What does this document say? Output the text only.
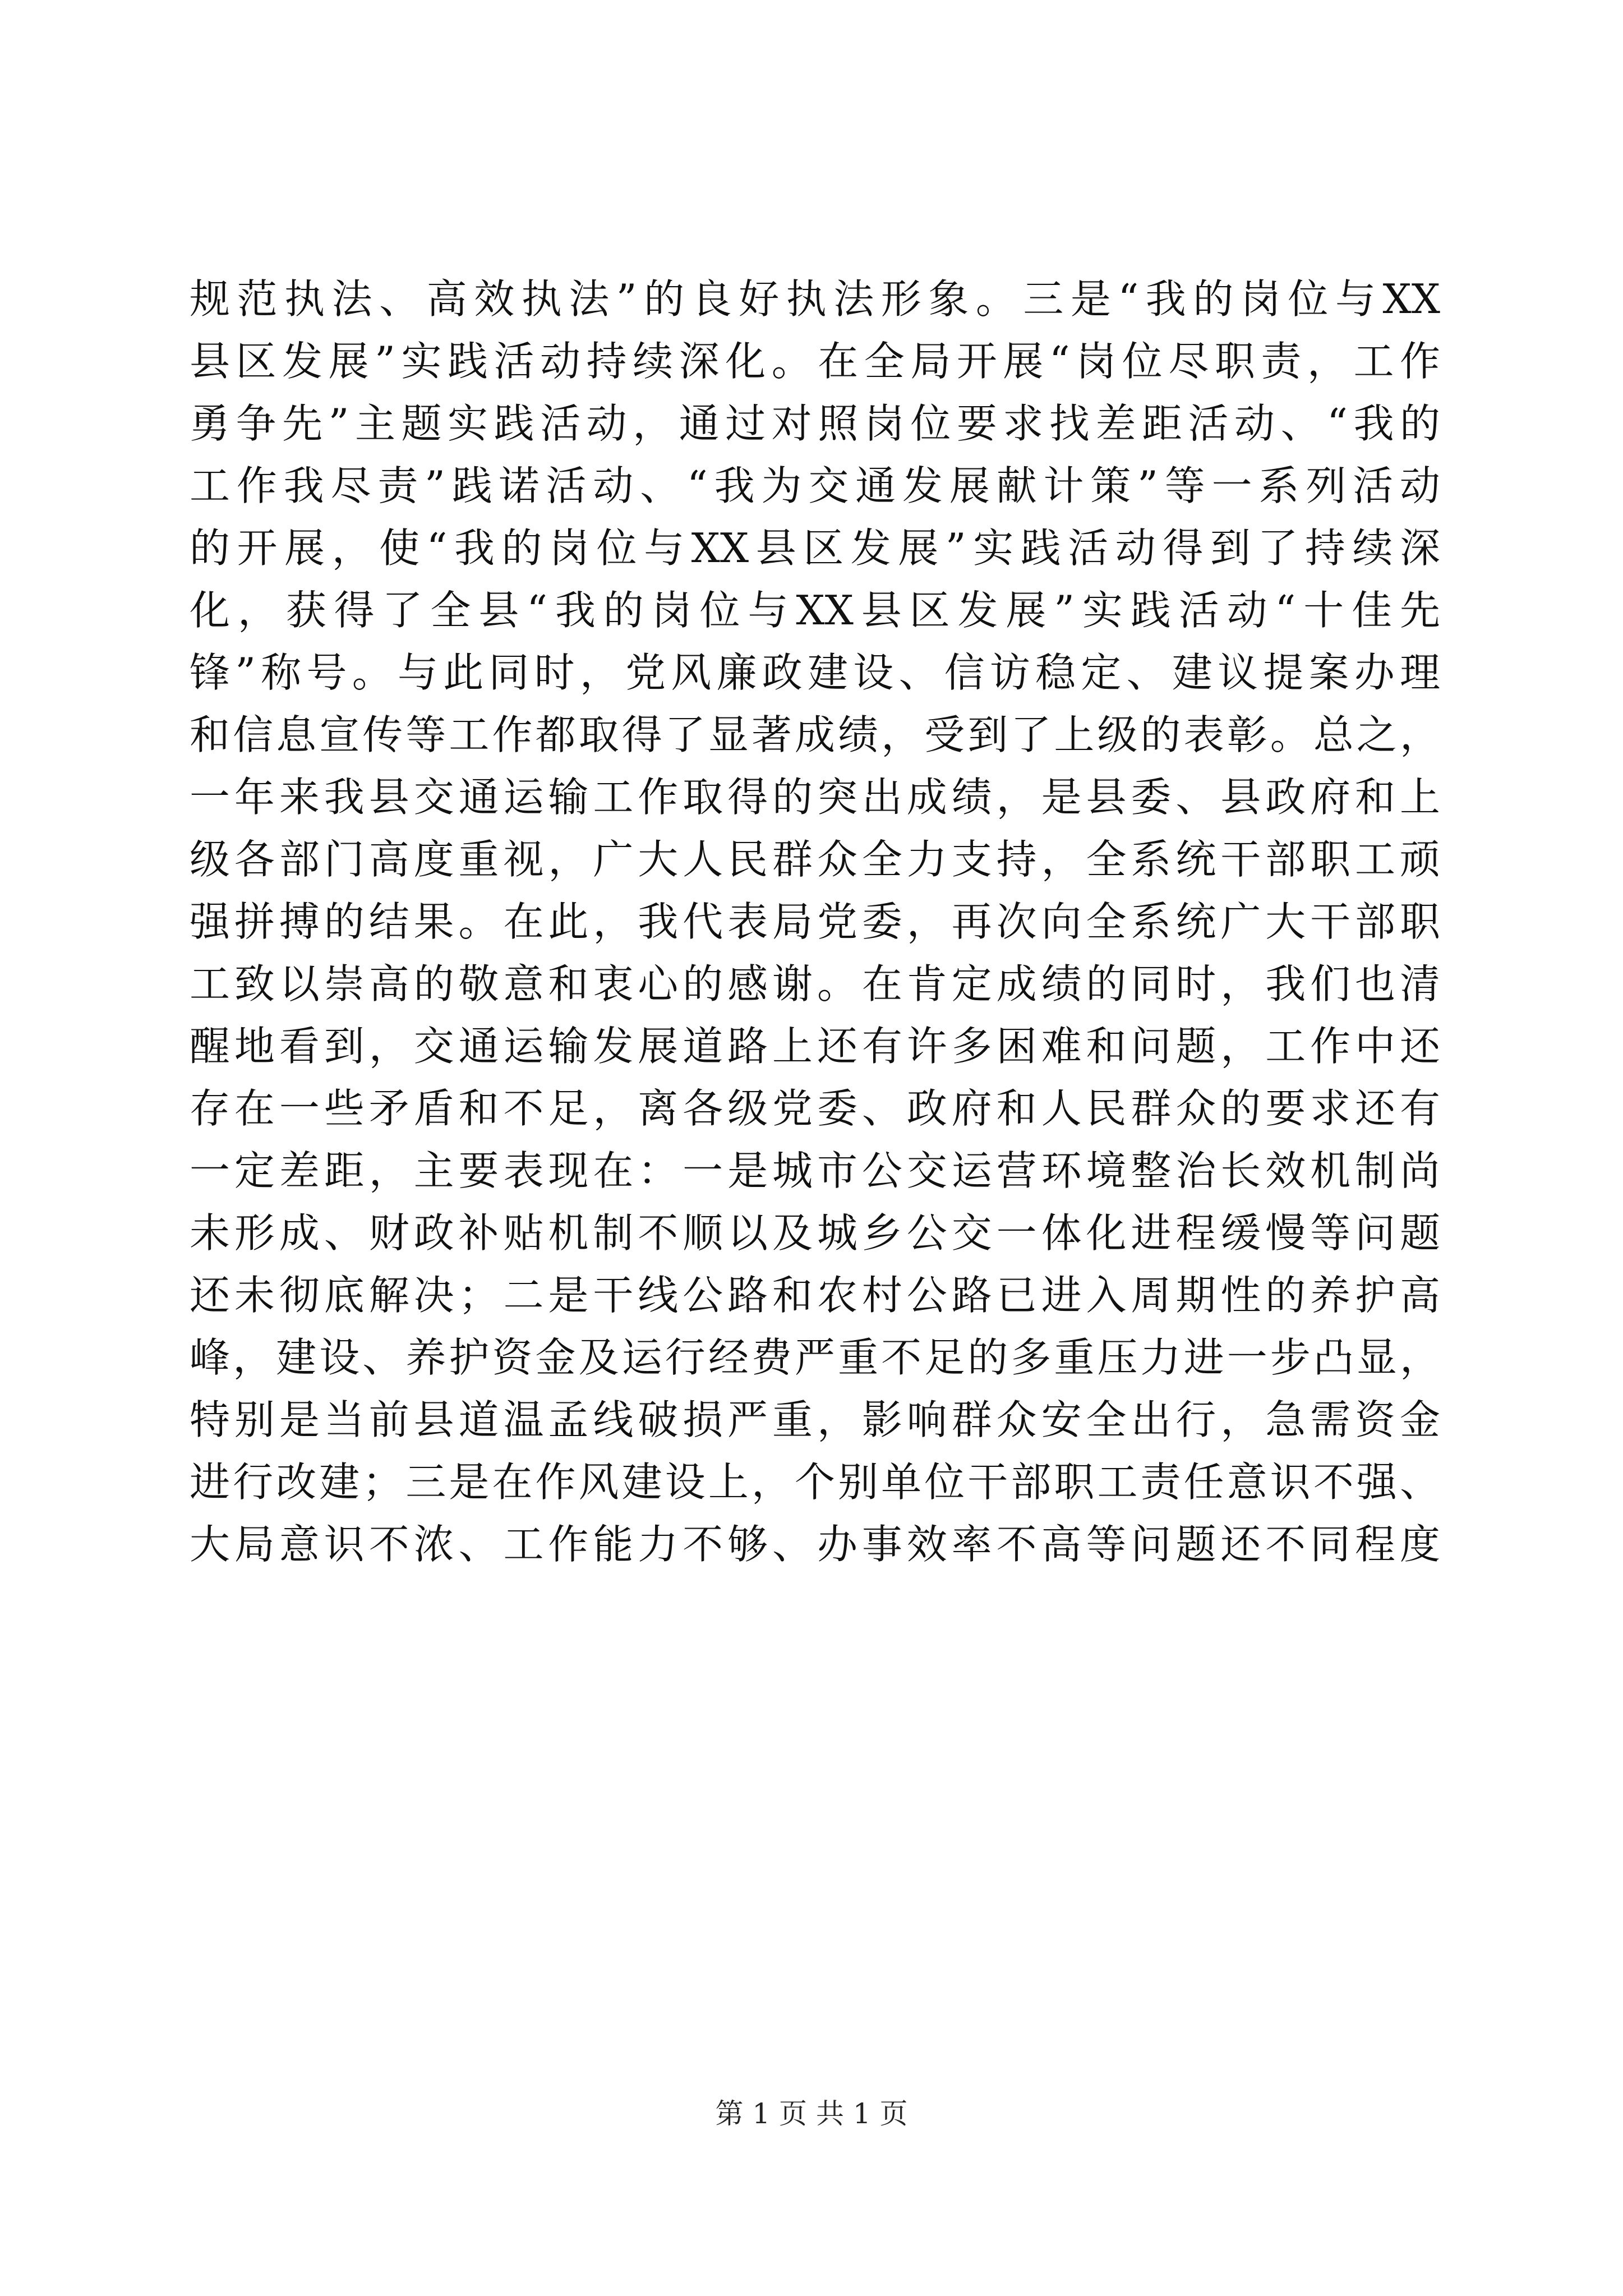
规范执法、高效执法”的良好执法形象。三是“我的岗位与XX
县区发展”实践活动持续深化。在全局开展“岗位尽职责，工作
勇争先”主题实践活动，通过对照岗位要求找差距活动、“我的
工作我尽责”践诺活动、“我为交通发展献计策”等一系列活动
的开展，使“我的岗位与XX县区发展”实践活动得到了持续深
化，获得了全县“我的岗位与XX县区发展”实践活动“十佳先
锋”称号。与此同时，党风廉政建设、信访稳定、建议提案办理
和信息宣传等工作都取得了显著成绩，受到了上级的表彰。总之，
一年来我县交通运输工作取得的突出成绩，是县委、县政府和上
级各部门高度重视，广大人民群众全力支持，全系统干部职工顽
强拼搏的结果。在此，我代表局党委，再次向全系统广大干部职
工致以崇高的敬意和衷心的感谢。在肯定成绩的同时，我们也清
醒地看到，交通运输发展道路上还有许多困难和问题，工作中还
存在一些矛盾和不足，离各级党委、政府和人民群众的要求还有
一定差距，主要表现在：一是城市公交运营环境整治长效机制尚
未形成、财政补贴机制不顺以及城乡公交一体化进程缓慢等问题
还未彻底解决；二是干线公路和农村公路已进入周期性的养护高
峰，建设、养护资金及运行经费严重不足的多重压力进一步凸显，
特别是当前县道温孟线破损严重，影响群众安全出行，急需资金
进行改建；三是在作风建设上，个别单位干部职工责任意识不强、
大局意识不浓、工作能力不够、办事效率不高等问题还不同程度
第 1 页 共 1 页
